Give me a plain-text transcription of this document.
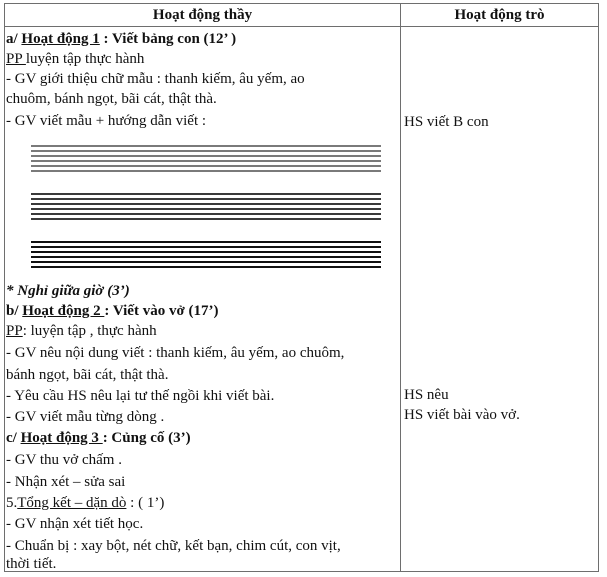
Hoạt động thầy	Hoạt động trò
a/ Hoạt động 1 : Viết bảng con (12’ )
PP luyện tập thực hành
- GV giới thiệu chữ mẫu : thanh kiếm, âu yếm, ao
chuôm, bánh ngọt, bãi cát, thật thà.
- GV viết mẫu + hướng dẫn viết :
* Nghỉ giữa giờ (3’)
b/ Hoạt động 2 : Viết vào vở (17’)
PP: luyện tập , thực hành
- GV nêu nội dung viết : thanh kiếm, âu yếm, ao chuôm,
bánh ngọt, bãi cát, thật thà.
- Yêu cầu HS nêu lại tư thế ngồi khi viết bài.
- GV viết mẫu từng dòng .
c/ Hoạt động 3 : Củng cố (3’)
- GV thu vở chấm .
- Nhận xét – sửa sai
5.Tổng kết – dặn dò : ( 1’)
- GV nhận xét tiết học.
- Chuẩn bị : xay bột, nét chữ, kết bạn, chim cút, con vịt,
thời tiết.
HS viết B con
HS nêu
HS viết bài vào vở.
